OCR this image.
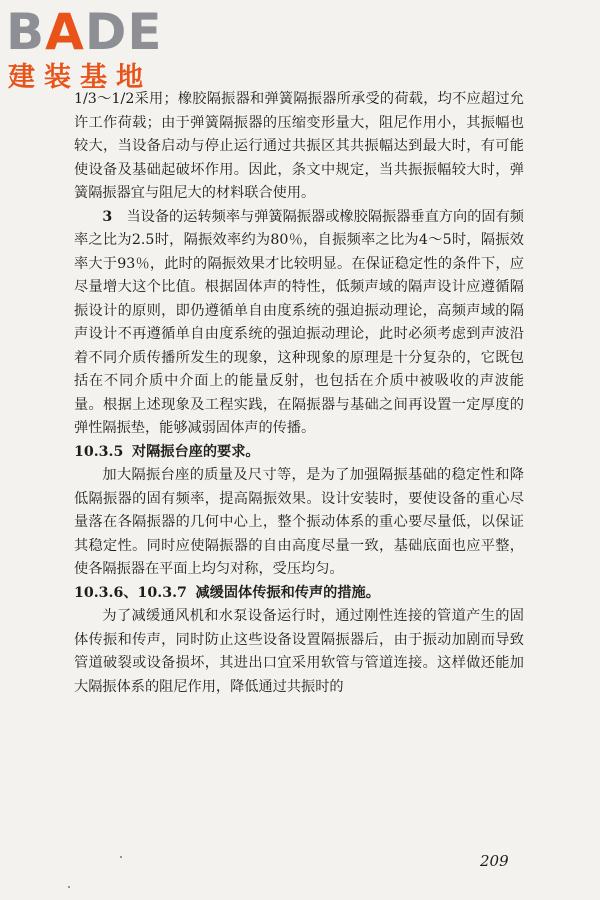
BADE
建装基地

1/3～1/2采用；橡胶隔振器和弹簧隔振器所承受的荷载，均不应超过允许工作荷载；由于弹簧隔振器的压缩变形量大，阻尼作用小，其振幅也较大，当设备启动与停止运行通过共振区其共振幅达到最大时，有可能使设备及基础起破坏作用。因此，条文中规定，当共振振幅较大时，弹簧隔振器宜与阻尼大的材料联合使用。

3  当设备的运转频率与弹簧隔振器或橡胶隔振器垂直方向的固有频率之比为2.5时，隔振效率约为80％，自振频率之比为4～5时，隔振效率大于93％，此时的隔振效果才比较明显。在保证稳定性的条件下，应尽量增大这个比值。根据固体声的特性，低频声域的隔声设计应遵循隔振设计的原则，即仍遵循单自由度系统的强迫振动理论，高频声域的隔声设计不再遵循单自由度系统的强迫振动理论，此时必须考虑到声波沿着不同介质传播所发生的现象，这种现象的原理是十分复杂的，它既包括在不同介质中介面上的能量反射，也包括在介质中被吸收的声波能量。根据上述现象及工程实践，在隔振器与基础之间再设置一定厚度的弹性隔振垫，能够减弱固体声的传播。

10.3.5 对隔振台座的要求。

加大隔振台座的质量及尺寸等，是为了加强隔振基础的稳定性和降低隔振器的固有频率，提高隔振效果。设计安装时，要使设备的重心尽量落在各隔振器的几何中心上，整个振动体系的重心要尽量低，以保证其稳定性。同时应使隔振器的自由高度尽量一致，基础底面也应平整，使各隔振器在平面上均匀对称，受压均匀。

10.3.6、10.3.7 减缓固体传振和传声的措施。

为了减缓通风机和水泵设备运行时，通过刚性连接的管道产生的固体传振和传声，同时防止这些设备设置隔振器后，由于振动加剧而导致管道破裂或设备损坏，其进出口宜采用软管与管道连接。这样做还能加大隔振体系的阻尼作用，降低通过共振时的

209
